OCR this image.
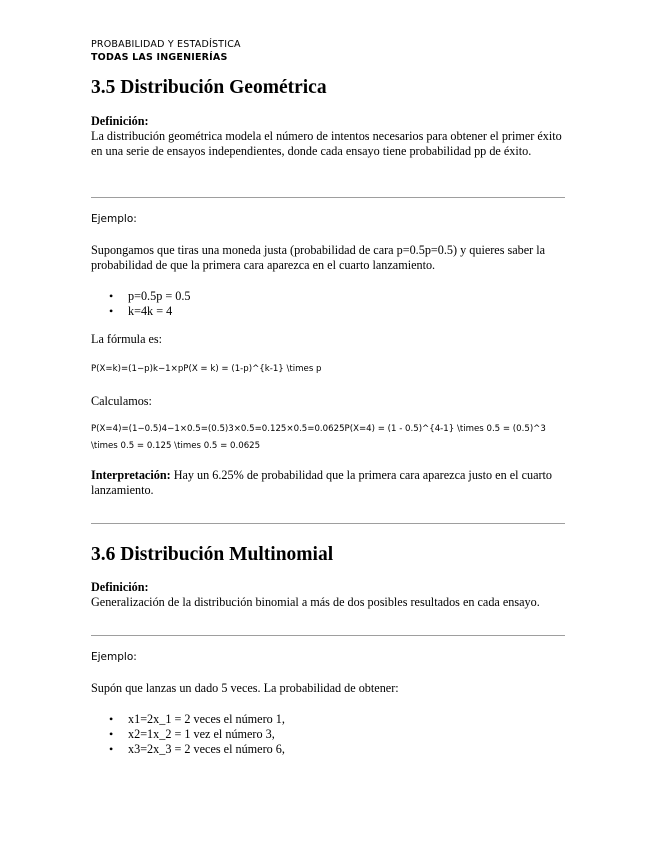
PROBABILIDAD Y ESTADÍSTICA
TODAS LAS INGENIERÍAS
3.5 Distribución Geométrica
Definición:
La distribución geométrica modela el número de intentos necesarios para obtener el primer éxito en una serie de ensayos independientes, donde cada ensayo tiene probabilidad pp de éxito.
Ejemplo:
Supongamos que tiras una moneda justa (probabilidad de cara p=0.5p=0.5) y quieres saber la probabilidad de que la primera cara aparezca en el cuarto lanzamiento.
• p=0.5p = 0.5
• k=4k = 4
La fórmula es:
P(X=k)=(1−p)k−1×pP(X = k) = (1-p)^{k-1} \times p
Calculamos:
P(X=4)=(1−0.5)4−1×0.5=(0.5)3×0.5=0.125×0.5=0.0625P(X=4) = (1 - 0.5)^{4-1} \times 0.5 = (0.5)^3
\times 0.5 = 0.125 \times 0.5 = 0.0625
Interpretación: Hay un 6.25% de probabilidad que la primera cara aparezca justo en el cuarto lanzamiento.
3.6 Distribución Multinomial
Definición:
Generalización de la distribución binomial a más de dos posibles resultados en cada ensayo.
Ejemplo:
Supón que lanzas un dado 5 veces. La probabilidad de obtener:
• x1=2x_1 = 2 veces el número 1,
• x2=1x_2 = 1 vez el número 3,
• x3=2x_3 = 2 veces el número 6,
